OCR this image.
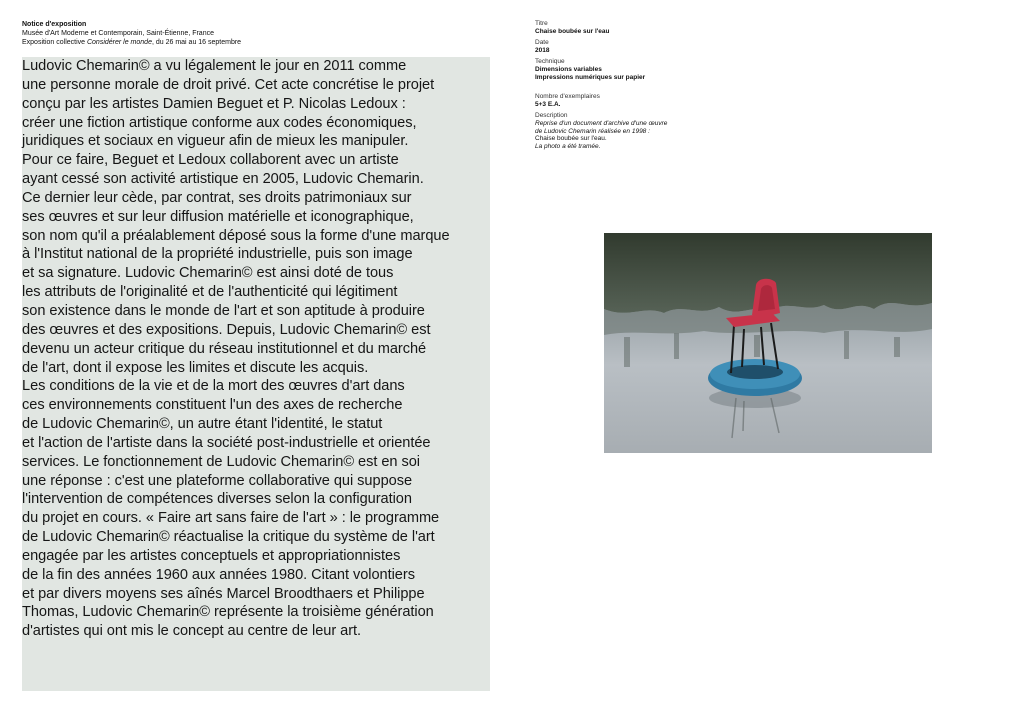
Notice d'exposition
Musée d'Art Moderne et Contemporain, Saint-Étienne, France
Exposition collective Considérer le monde, du 26 mai au 16 septembre

Ludovic Chemarin© a vu légalement le jour en 2011 comme
une personne morale de droit privé. Cet acte concrétise le projet
conçu par les artistes Damien Beguet et P. Nicolas Ledoux :
créer une fiction artistique conforme aux codes économiques,
juridiques et sociaux en vigueur afin de mieux les manipuler.
Pour ce faire, Beguet et Ledoux collaborent avec un artiste
ayant cessé son activité artistique en 2005, Ludovic Chemarin.
Ce dernier leur cède, par contrat, ses droits patrimoniaux sur
ses œuvres et sur leur diffusion matérielle et iconographique,
son nom qu'il a préalablement déposé sous la forme d'une marque
à l'Institut national de la propriété industrielle, puis son image
et sa signature. Ludovic Chemarin© est ainsi doté de tous
les attributs de l'originalité et de l'authenticité qui légitiment
son existence dans le monde de l'art et son aptitude à produire
des œuvres et des expositions. Depuis, Ludovic Chemarin© est
devenu un acteur critique du réseau institutionnel et du marché
de l'art, dont il expose les limites et discute les acquis.
Les conditions de la vie et de la mort des œuvres d'art dans
ces environnements constituent l'un des axes de recherche
de Ludovic Chemarin©, un autre étant l'identité, le statut
et l'action de l'artiste dans la société post-industrielle et orientée
services. Le fonctionnement de Ludovic Chemarin© est en soi
une réponse : c'est une plateforme collaborative qui suppose
l'intervention de compétences diverses selon la configuration
du projet en cours. « Faire art sans faire de l'art » : le programme
de Ludovic Chemarin© réactualise la critique du système de l'art
engagée par les artistes conceptuels et appropriationnistes
de la fin des années 1960 aux années 1980. Citant volontiers
et par divers moyens ses aînés Marcel Broodthaers et Philippe
Thomas, Ludovic Chemarin© représente la troisième génération
d'artistes qui ont mis le concept au centre de leur art.

Titre
Chaise boubée sur l'eau
Date
2018
Technique
Dimensions variables
Impressions numériques sur papier
Nombre d'exemplaires
5+3 E.A.
Description
Reprise d'un document d'archive d'une œuvre
de Ludovic Chemarin réalisée en 1998 :
Chaise boubée sur l'eau.
La photo a été tramée.
